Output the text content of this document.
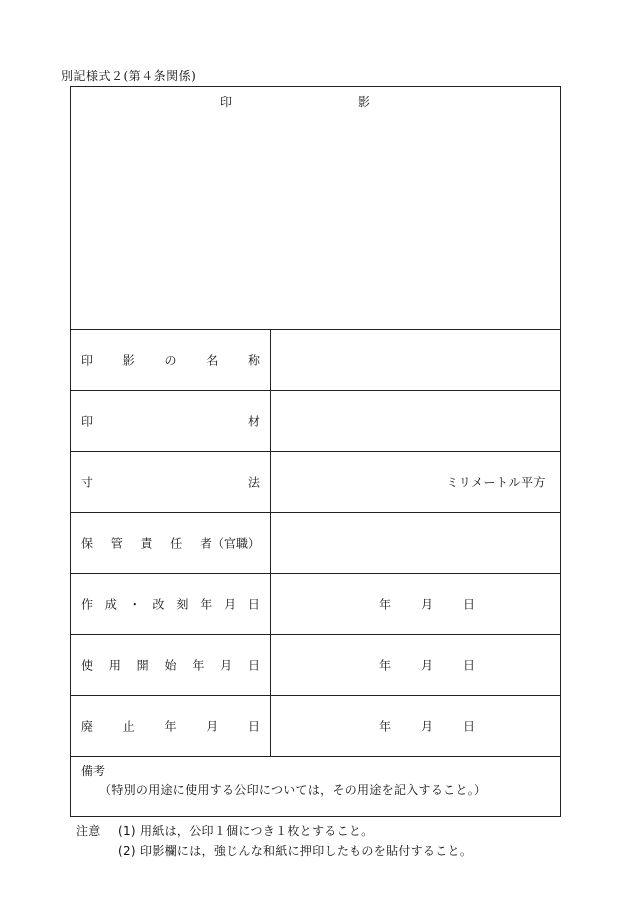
別記様式２(第４条関係)
印	影
印 影 の 名 称
印	材
寸	法	ミリメートル平方
保 管 責 任 者（官職）
作 成 ・ 改 刻 年 月 日	年 月 日
使 用 開 始 年 月 日	年 月 日
廃 止 年 月 日	年 月 日
備考
（特別の用途に使用する公印については，その用途を記入すること。）
注意 (1) 用紙は，公印１個につき１枚とすること。
(2) 印影欄には，強じんな和紙に押印したものを貼付すること。
